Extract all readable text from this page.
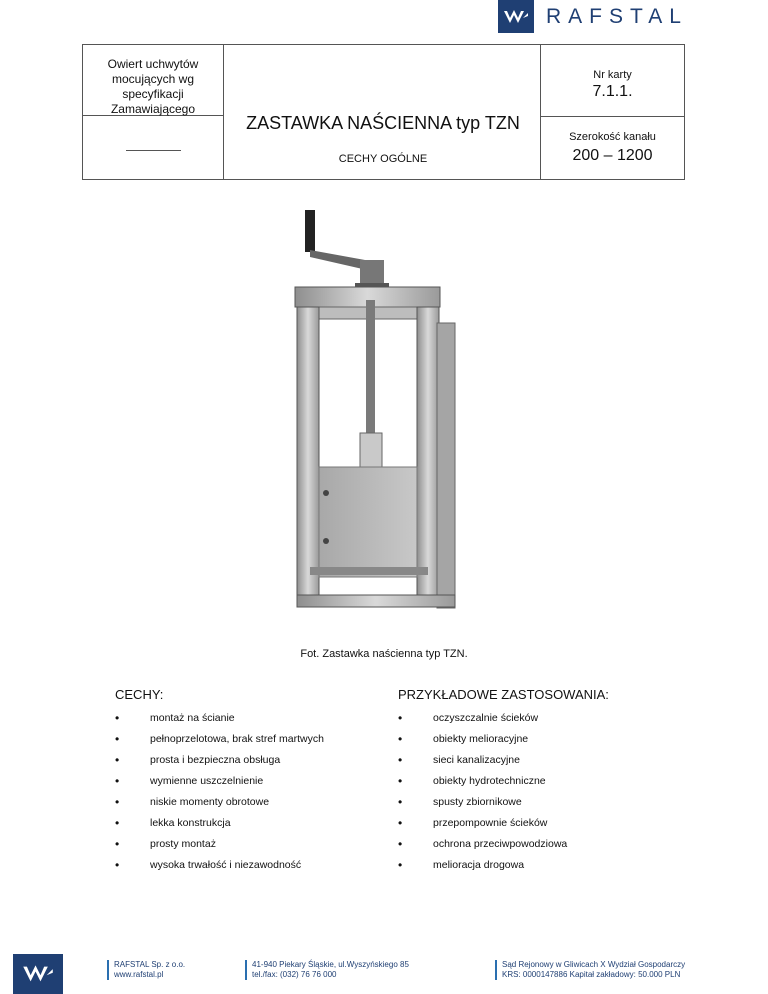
RAFSTAL
Owiert uchwytów mocujących wg specyfikacji Zamawiającego
ZASTAWKA NAŚCIENNA typ TZN
CECHY OGÓLNE
Nr karty
7.1.1.
Szerokość kanału
200 – 1200
Fot. Zastawka naścienna typ TZN.
CECHY:
• montaż na ścianie
• pełnoprzelotowa, brak stref martwych
• prosta i bezpieczna obsługa
• wymienne uszczelnienie
• niskie momenty obrotowe
• lekka konstrukcja
• prosty montaż
• wysoka trwałość i niezawodność
PRZYKŁADOWE ZASTOSOWANIA:
• oczyszczalnie ścieków
• obiekty melioracyjne
• sieci kanalizacyjne
• obiekty hydrotechniczne
• spusty zbiornikowe
• przepompownie ścieków
• ochrona przeciwpowodziowa
• melioracja drogowa
RAFSTAL Sp. z o.o.
www.rafstal.pl
41-940 Piekary Śląskie, ul.Wyszyńskiego 85
tel./fax: (032) 76 76 000
Sąd Rejonowy w Gliwicach X Wydział Gospodarczy
KRS: 0000147886 Kapitał zakładowy: 50.000 PLN
